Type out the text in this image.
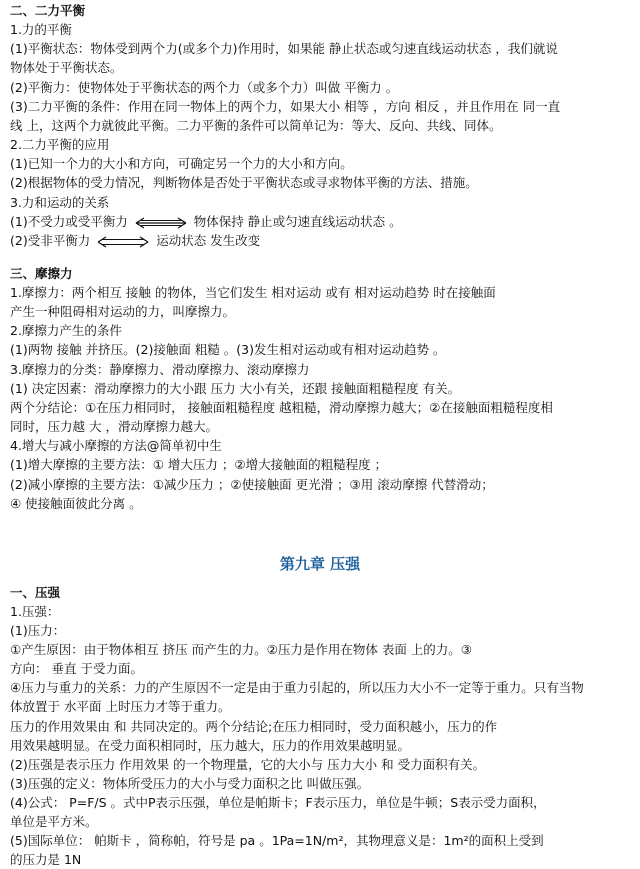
二、二力平衡
1.力的平衡
(1)平衡状态：物体受到两个力(或多个力)作用时，如果能 静止状态或匀速直线运动状态 ，我们就说
物体处于平衡状态。
(2)平衡力：使物体处于平衡状态的两个力（或多个力）叫做 平衡力 。
(3)二力平衡的条件：作用在同一物体上的两个力，如果大小 相等 ，方向 相反 ，并且作用在 同一直
线 上，这两个力就彼此平衡。二力平衡的条件可以简单记为：等大、反向、共线、同体。
2.二力平衡的应用
(1)已知一个力的大小和方向，可确定另一个力的大小和方向。
(2)根据物体的受力情况，判断物体是否处于平衡状态或寻求物体平衡的方法、措施。
3.力和运动的关系
三、摩擦力
1.摩擦力：两个相互 接触 的物体，当它们发生 相对运动 或有 相对运动趋势 时在接触面
产生一种阻碍相对运动的力，叫摩擦力。
2.摩擦力产生的条件
(1)两物 接触 并挤压。(2)接触面 粗糙 。(3)发生相对运动或有相对运动趋势 。
3.摩擦力的分类：静摩擦力、滑动摩擦力、滚动摩擦力
(1) 决定因素：滑动摩擦力的大小跟 压力 大小有关，还跟 接触面粗糙程度 有关。
两个分结论：①在压力相同时， 接触面粗糙程度 越粗糙，滑动摩擦力越大；②在接触面粗糙程度相
同时，压力越 大 ，滑动摩擦力越大。
4.增大与减小摩擦的方法@简单初中生
(1)增大摩擦的主要方法：① 增大压力 ；②增大接触面的粗糙程度 ；
(2)减小摩擦的主要方法：①减少压力 ；②使接触面 更光滑 ；③用 滚动摩擦 代替滑动；
④ 使接触面彼此分离 。
一、压强
1.压强：
(1)压力：
①产生原因：由于物体相互 挤压 而产生的力。②压力是作用在物体 表面 上的力。③
方向： 垂直 于受力面。
④压力与重力的关系：力的产生原因不一定是由于重力引起的，所以压力大小不一定等于重力。只有当物
体放置于 水平面 上时压力才等于重力。
压力的作用效果由 和 共同决定的。两个分结论;在压力相同时，受力面积越小，压力的作
用效果越明显。在受力面积相同时，压力越大，压力的作用效果越明显。
(2)压强是表示压力 作用效果 的一个物理量，它的大小与 压力大小 和 受力面积有关。
(3)压强的定义：物体所受压力的大小与受力面积之比 叫做压强。
(4)公式： P=F/S 。式中P表示压强，单位是帕斯卡；F表示压力，单位是牛顿；S表示受力面积，
单位是平方米。
(5)国际单位： 帕斯卡 ，简称帕，符号是 pa 。1Pa=1N/m²，其物理意义是：1m²的面积上受到
的压力是 1N
(1)不受力或受平衡力	物体保持 静止或匀速直线运动状态 。
(2)受非平衡力	运动状态 发生改变
第九章 压强
